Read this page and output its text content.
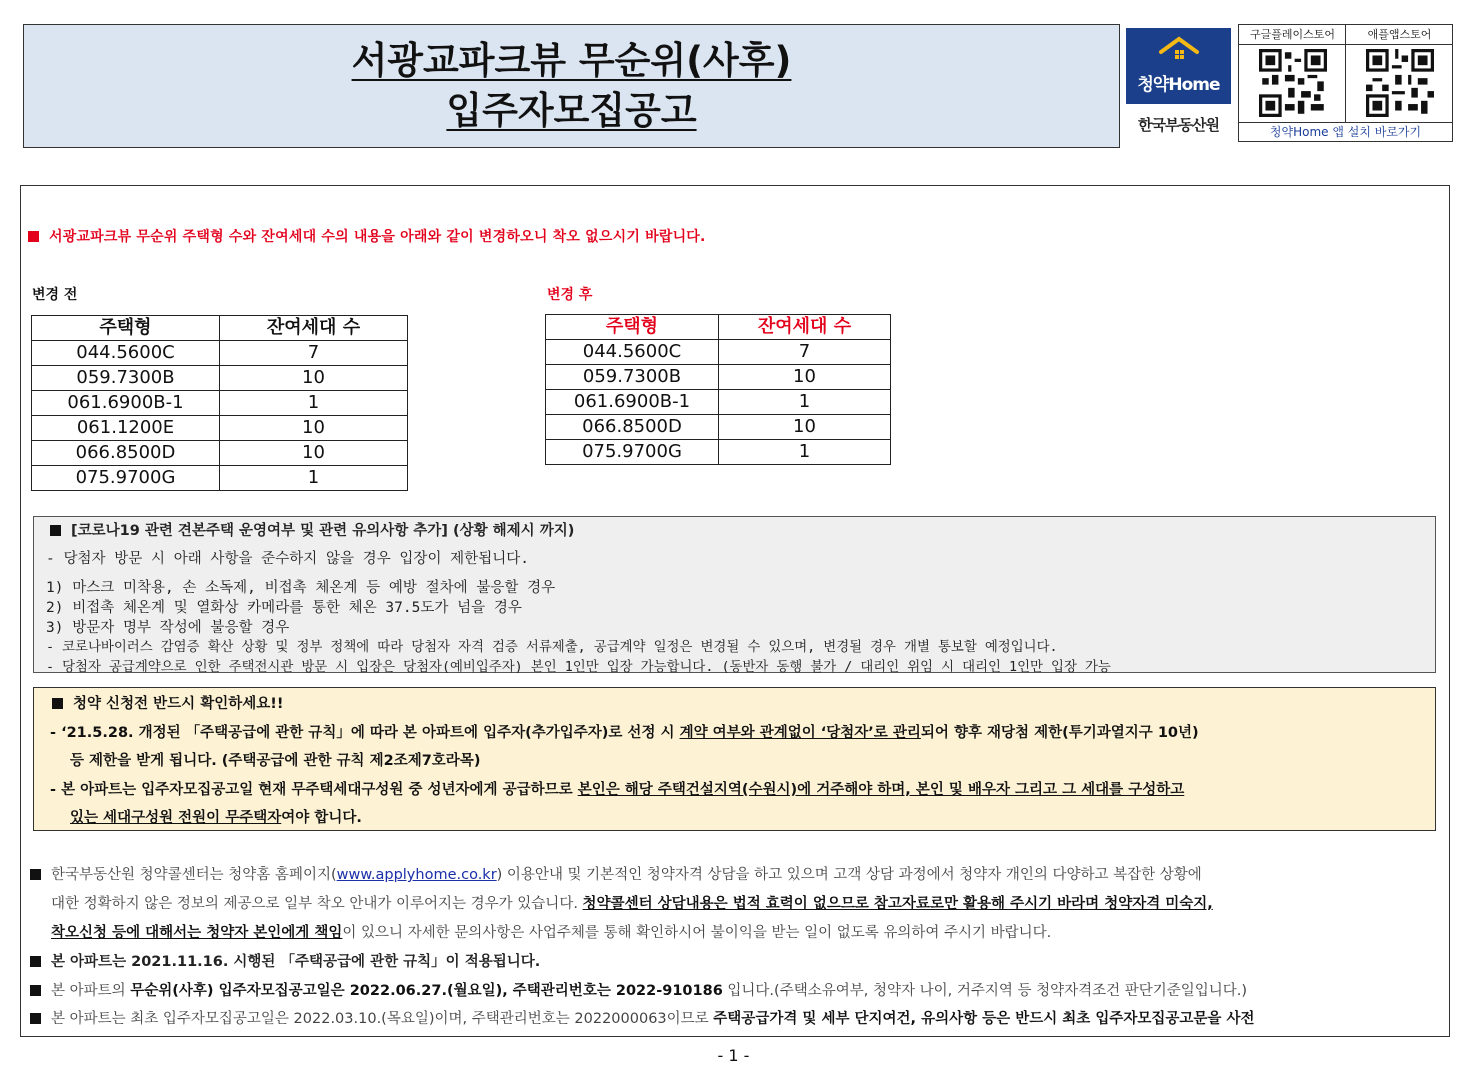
서광교파크뷰 무순위(사후)
입주자모집공고
청약Home
한국부동산원
구글플레이스토어	애플앱스토어
청약Home 앱 설치 바로가기
서광교파크뷰 무순위 주택형 수와 잔여세대 수의 내용을 아래와 같이 변경하오니 착오 없으시기 바랍니다.
변경 전	변경 후
주택형	잔여세대 수
044.5600C	7
059.7300B	10
061.6900B-1	1
061.1200E	10
066.8500D	10
075.9700G	1
주택형	잔여세대 수
044.5600C	7
059.7300B	10
061.6900B-1	1
066.8500D	10
075.9700G	1
[코로나19 관련 견본주택 운영여부 및 관련 유의사항 추가] (상황 해제시 까지)
- 당첨자 방문 시 아래 사항을 준수하지 않을 경우 입장이 제한됩니다.
1) 마스크 미착용, 손 소독제, 비접촉 체온계 등 예방 절차에 불응할 경우
2) 비접촉 체온계 및 열화상 카메라를 통한 체온 37.5도가 넘을 경우
3) 방문자 명부 작성에 불응할 경우
- 코로나바이러스 감염증 확산 상황 및 정부 정책에 따라 당첨자 자격 검증 서류제출, 공급계약 일정은 변경될 수 있으며, 변경될 경우 개별 통보할 예정입니다.
- 당첨자 공급계약으로 인한 주택전시관 방문 시 입장은 당첨자(예비입주자) 본인 1인만 입장 가능합니다. (동반자 동행 불가 / 대리인 위임 시 대리인 1인만 입장 가능
청약 신청전 반드시 확인하세요!!
- ‘21.5.28. 개정된 「주택공급에 관한 규칙」에 따라 본 아파트에 입주자(추가입주자)로 선정 시 계약 여부와 관계없이 ‘당첨자’로 관리되어 향후 재당첨 제한(투기과열지구 10년)
등 제한을 받게 됩니다. (주택공급에 관한 규칙 제2조제7호라목)
- 본 아파트는 입주자모집공고일 현재 무주택세대구성원 중 성년자에게 공급하므로 본인은 해당 주택건설지역(수원시)에 거주해야 하며, 본인 및 배우자 그리고 그 세대를 구성하고
있는 세대구성원 전원이 무주택자여야 합니다.
한국부동산원 청약콜센터는 청약홈 홈페이지(www.applyhome.co.kr) 이용안내 및 기본적인 청약자격 상담을 하고 있으며 고객 상담 과정에서 청약자 개인의 다양하고 복잡한 상황에
대한 정확하지 않은 정보의 제공으로 일부 착오 안내가 이루어지는 경우가 있습니다. 청약콜센터 상담내용은 법적 효력이 없으므로 참고자료로만 활용해 주시기 바라며 청약자격 미숙지,
착오신청 등에 대해서는 청약자 본인에게 책임이 있으니 자세한 문의사항은 사업주체를 통해 확인하시어 불이익을 받는 일이 없도록 유의하여 주시기 바랍니다.
본 아파트는 2021.11.16. 시행된 「주택공급에 관한 규칙」이 적용됩니다.
본 아파트의 무순위(사후) 입주자모집공고일은 2022.06.27.(월요일), 주택관리번호는 2022-910186 입니다.(주택소유여부, 청약자 나이, 거주지역 등 청약자격조건 판단기준일입니다.)
본 아파트는 최초 입주자모집공고일은 2022.03.10.(목요일)이며, 주택관리번호는 2022000063이므로 주택공급가격 및 세부 단지여건, 유의사항 등은 반드시 최초 입주자모집공고문을 사전
- 1 -
